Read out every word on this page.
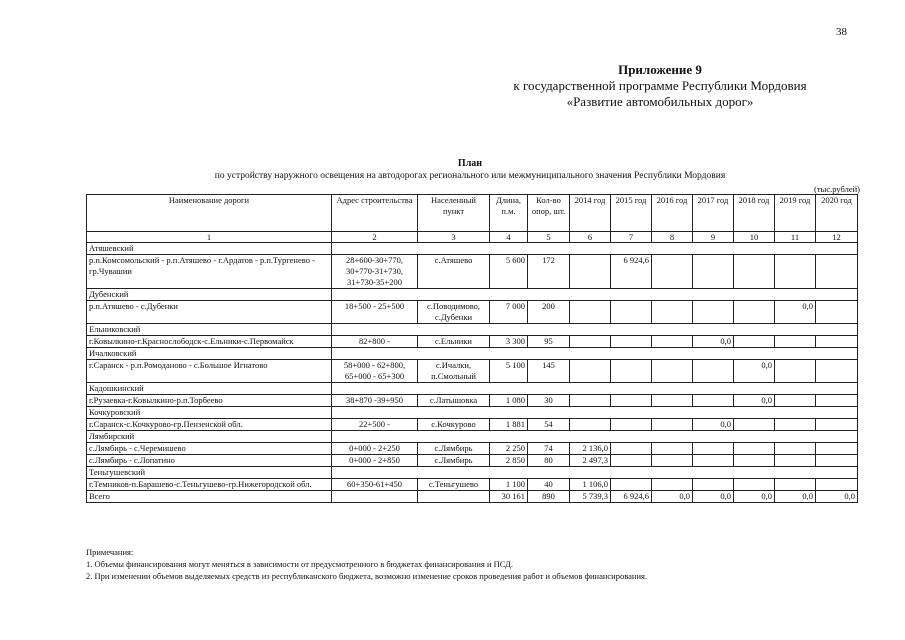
38
Приложение 9
к государственной программе Республики Мордовия
«Развитие автомобильных дорог»
План
по устройству наружного освещения на автодорогах регионального или межмуниципального значения Республики Мордовия
(тыс.рублей)
Наименование дороги	Адрес строительства	Населенный пункт	Длина, п.м.	Кол-во опор, шт.	2014 год	2015 год	2016 год	2017 год	2018 год	2019 год	2020 год
1	2	3	4	5	6	7	8	9	10	11	12
Атяшевский											
р.п.Комсомольский - р.п.Атяшево - г.Ардатов - р.п.Тургенево - гр.Чувашии	28+600-30+770, 30+770-31+730, 31+730-35+200	с.Атяшево	5 600	172		6 924,6					
Дубенский											
р.п.Атяшево - с.Дубенки	18+500 - 25+500	с.Поводимово, с.Дубенки	7 000	200						0,0	
Ельниковский											
г.Ковылкино-г.Краснослободск-с.Ельники-с.Первомайск	82+800 -	с.Ельники	3 300	95				0,0			
Ичалковский											
г.Саранск - р.п.Ромоданово - с.Большое Игнатово	58+000 - 62+800, 65+000 - 65+300	с.Ичалки, п.Смольный	5 100	145					0,0		
Кадошкинский											
г.Рузаевка-г.Ковылкино-р.п.Торбеево	38+870 -39+950	с.Латышовка	1 080	30					0,0		
Кочкуровский											
г.Саранск-с.Кочкурово-гр.Пензенской обл.	22+500 -	с.Кочкурово	1 881	54				0,0			
Лямбирский											
с.Лямбирь - с.Черемишево	0+000 - 2+250	с.Лямбирь	2 250	74	2 136,0						
с.Лямбирь - с.Лопатино	0+000 - 2+850	с.Лямбирь	2 850	80	2 497,3						
Теньгушевский											
г.Темников-п.Барашево-с.Теньгушево-гр.Нижегородской обл.	60+350-61+450	с.Теньгушево	1 100	40	1 106,0						
Всего			30 161	890	5 739,3	6 924,6	0,0	0,0	0,0	0,0	0,0
Примечания:
1. Объемы финансирования могут меняться в зависимости от предусмотренного в бюджетах финансирования и ПСД.
2. При изменении объемов выделяемых средств из республиканского бюджета, возможно изменение сроков проведения работ и объемов финансирования.
